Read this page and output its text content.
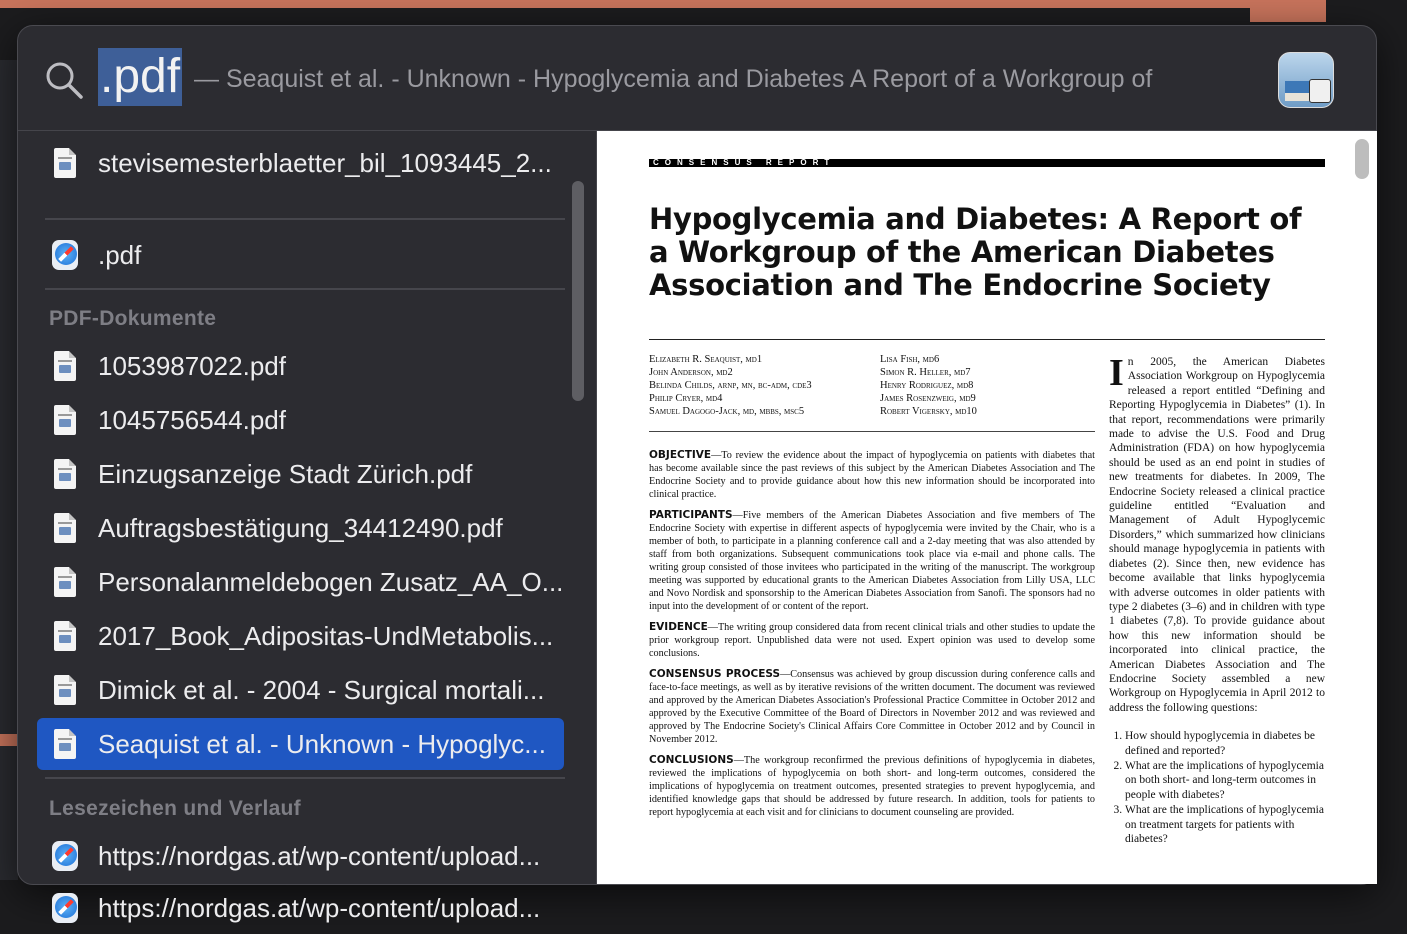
.pdf — Seaquist et al. - Unknown - Hypoglycemia and Diabetes A Report of a Workgroup of
stevisemesterblaetter_bil_1093445_2...
.pdf
PDF-Dokumente
1053987022.pdf
1045756544.pdf
Einzugsanzeige Stadt Zürich.pdf
Auftragsbestätigung_34412490.pdf
Personalanmeldebogen Zusatz_AA_O...
2017_Book_Adipositas-UndMetabolis...
Dimick et al. - 2004 - Surgical mortali...
Seaquist et al. - Unknown - Hypoglyc...
Lesezeichen und Verlauf
https://nordgas.at/wp-content/upload...
https://nordgas.at/wp-content/upload...
CONSENSUS REPORT
Hypoglycemia and Diabetes: A Report of a Workgroup of the American Diabetes Association and The Endocrine Society
Elizabeth R. Seaquist, md1
John Anderson, md2
Belinda Childs, arnp, mn, bc-adm, cde3
Philip Cryer, md4
Samuel Dagogo-Jack, md, mbbs, msc5
Lisa Fish, md6
Simon R. Heller, md7
Henry Rodriguez, md8
James Rosenzweig, md9
Robert Vigersky, md10

OBJECTIVE—To review the evidence about the impact of hypoglycemia on patients with diabetes that has become available since the past reviews of this subject by the American Diabetes Association and The Endocrine Society and to provide guidance about how this new information should be incorporated into clinical practice.

PARTICIPANTS—Five members of the American Diabetes Association and five members of The Endocrine Society with expertise in different aspects of hypoglycemia were invited by the Chair, who is a member of both, to participate in a planning conference call and a 2-day meeting that was also attended by staff from both organizations. Subsequent communications took place via e-mail and phone calls. The writing group consisted of those invitees who participated in the writing of the manuscript. The workgroup meeting was supported by educational grants to the American Diabetes Association from Lilly USA, LLC and Novo Nordisk and sponsorship to the American Diabetes Association from Sanofi. The sponsors had no input into the development of or content of the report.

EVIDENCE—The writing group considered data from recent clinical trials and other studies to update the prior workgroup report. Unpublished data were not used. Expert opinion was used to develop some conclusions.

CONSENSUS PROCESS—Consensus was achieved by group discussion during conference calls and face-to-face meetings, as well as by iterative revisions of the written document. The document was reviewed and approved by the American Diabetes Association's Professional Practice Committee in October 2012 and approved by the Executive Committee of the Board of Directors in November 2012 and was reviewed and approved by The Endocrine Society's Clinical Affairs Core Committee in October 2012 and by Council in November 2012.

CONCLUSIONS—The workgroup reconfirmed the previous definitions of hypoglycemia in diabetes, reviewed the implications of hypoglycemia on both short- and long-term outcomes, considered the implications of hypoglycemia on treatment outcomes, presented strategies to prevent hypoglycemia, and identified knowledge gaps that should be addressed by future research. In addition, tools for patients to report hypoglycemia at each visit and for clinicians to document counseling are provided.

In 2005, the American Diabetes Association Workgroup on Hypoglycemia released a report entitled “Defining and Reporting Hypoglycemia in Diabetes” (1). In that report, recommendations were primarily made to advise the U.S. Food and Drug Administration (FDA) on how hypoglycemia should be used as an end point in studies of new treatments for diabetes. In 2009, The Endocrine Society released a clinical practice guideline entitled “Evaluation and Management of Adult Hypoglycemic Disorders,” which summarized how clinicians should manage hypoglycemia in patients with diabetes (2). Since then, new evidence has become available that links hypoglycemia with adverse outcomes in older patients with type 2 diabetes (3–6) and in children with type 1 diabetes (7,8). To provide guidance about how this new information should be incorporated into clinical practice, the American Diabetes Association and The Endocrine Society assembled a new Workgroup on Hypoglycemia in April 2012 to address the following questions:
1. How should hypoglycemia in diabetes be defined and reported?
2. What are the implications of hypoglycemia on both short- and long-term outcomes in people with diabetes?
3. What are the implications of hypoglycemia on treatment targets for patients with diabetes?
